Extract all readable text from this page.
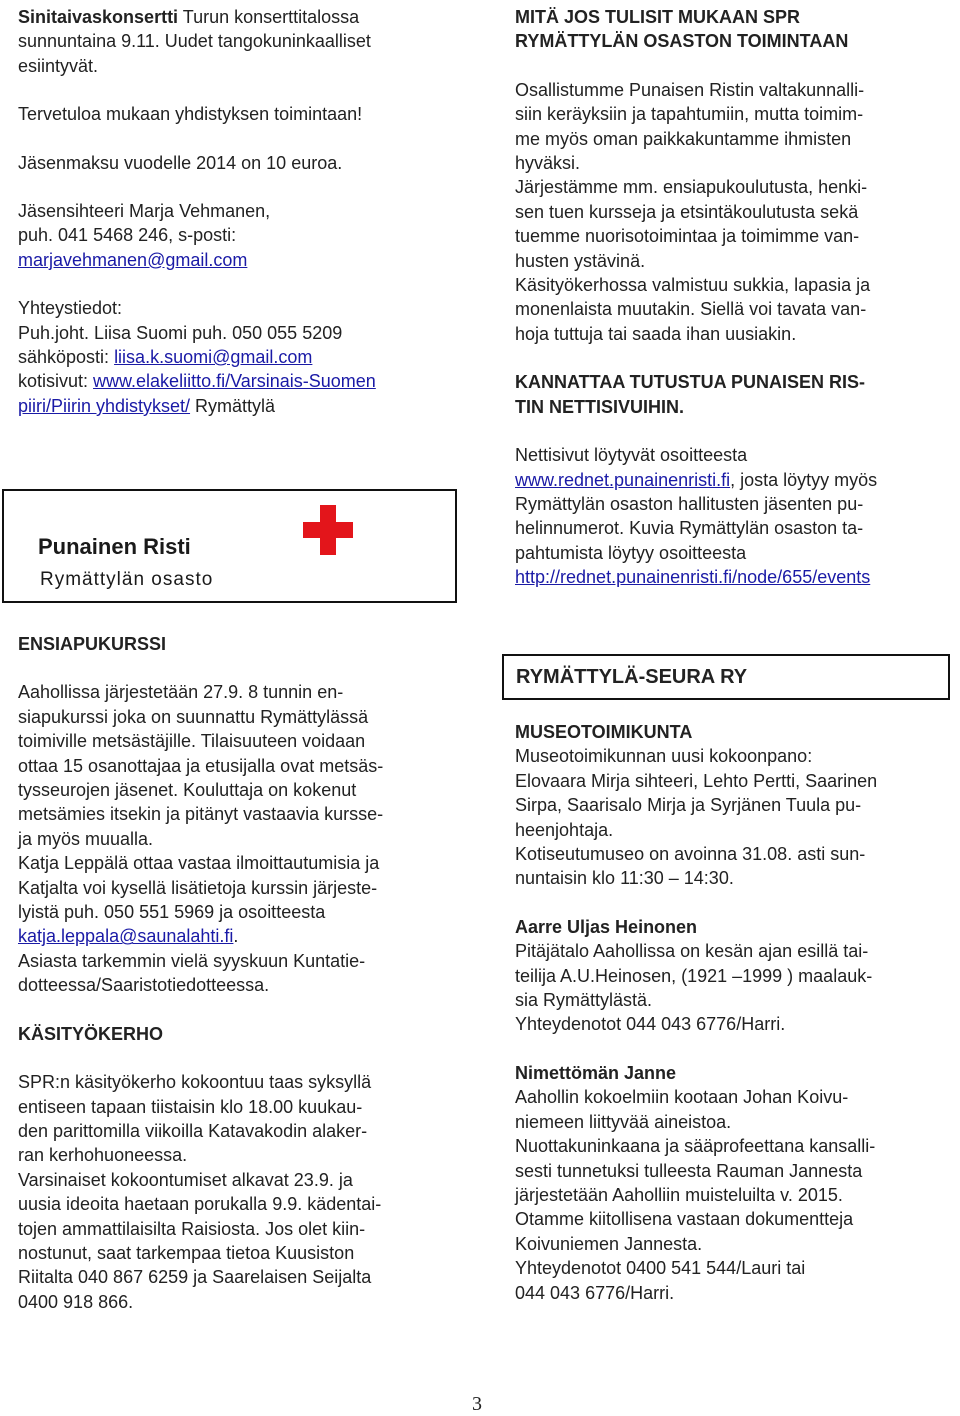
Sinitaivaskonsertti Turun konserttitalossa

sunnuntaina 9.11. Uudet tangokuninkaalliset

esiintyvät.

Tervetuloa mukaan yhdistyksen toimintaan!

Jäsenmaksu vuodelle 2014 on 10 euroa.

Jäsensihteeri Marja Vehmanen,

puh. 041 5468 246, s-posti:

marjavehmanen@gmail.com

Yhteystiedot:

Puh.joht. Liisa Suomi puh. 050 055 5209

sähköposti: liisa.k.suomi@gmail.com

kotisivut: www.elakeliitto.fi/Varsinais-Suomen

piiri/Piirin yhdistykset/ Rymättylä

Punainen Risti
Rymättylän osasto

MITÄ JOS TULISIT MUKAAN SPR

RYMÄTTYLÄN OSASTON TOIMINTAAN

Osallistumme Punaisen Ristin valtakunnalli-

siin keräyksiin ja tapahtumiin, mutta toimim-

me myös oman paikkakuntamme ihmisten

hyväksi.

Järjestämme mm. ensiapukoulutusta, henki-

sen tuen kursseja ja etsintäkoulutusta sekä

tuemme nuorisotoimintaa ja toimimme van-

husten ystävinä.

Käsityökerhossa valmistuu sukkia, lapasia ja

monenlaista muutakin. Siellä voi tavata van-

hoja tuttuja tai saada ihan uusiakin.

KANNATTAA TUTUSTUA PUNAISEN RIS-

TIN NETTISIVUIHIN.

Nettisivut löytyvät osoitteesta

www.rednet.punainenristi.fi, josta löytyy myös

Rymättylän osaston hallitusten jäsenten pu-

helinnumerot. Kuvia Rymättylän osaston ta-

pahtumista löytyy osoitteesta

http://rednet.punainenristi.fi/node/655/events

ENSIAPUKURSSI

Aahollissa järjestetään 27.9. 8 tunnin en-

siapukurssi joka on suunnattu Rymättylässä

toimiville metsästäjille. Tilaisuuteen voidaan

ottaa 15 osanottajaa ja etusijalla ovat metsäs-

tysseurojen jäsenet. Kouluttaja on kokenut

metsämies itsekin ja pitänyt vastaavia kursse-

ja myös muualla.

Katja Leppälä ottaa vastaa ilmoittautumisia ja

Katjalta voi kysellä lisätietoja kurssin järjeste-

lyistä puh. 050 551 5969 ja osoitteesta

katja.leppala@saunalahti.fi.

Asiasta tarkemmin vielä syyskuun Kuntatie-

dotteessa/Saaristotiedotteessa.

KÄSITYÖKERHO

SPR:n käsityökerho kokoontuu taas syksyllä

entiseen tapaan tiistaisin klo 18.00 kuukau-

den parittomilla viikoilla Katavakodin alaker-

ran kerhohuoneessa.

Varsinaiset kokoontumiset alkavat 23.9. ja

uusia ideoita haetaan porukalla 9.9. kädentai-

tojen ammattilaisilta Raisiosta. Jos olet kiin-

nostunut, saat tarkempaa tietoa Kuusiston

Riitalta 040 867 6259 ja Saarelaisen Seijalta

0400 918 866.

RYMÄTTYLÄ-SEURA RY

MUSEOTOIMIKUNTA

Museotoimikunnan uusi kokoonpano:

Elovaara Mirja sihteeri, Lehto Pertti, Saarinen

Sirpa, Saarisalo Mirja ja Syrjänen Tuula pu-

heenjohtaja.

Kotiseutumuseo on avoinna 31.08. asti sun-

nuntaisin klo 11:30 – 14:30.

Aarre Uljas Heinonen

Pitäjätalo Aahollissa on kesän ajan esillä tai-

teilija A.U.Heinosen, (1921 –1999 ) maalauk-

sia Rymättylästä.

Yhteydenotot 044 043 6776/Harri.

Nimettömän Janne

Aahollin kokoelmiin kootaan Johan Koivu-

niemeen liittyvää aineistoa.

Nuottakuninkaana ja sääprofeettana kansalli-

sesti tunnetuksi tulleesta Rauman Jannesta

järjestetään Aaholliin muisteluilta v. 2015.

Otamme kiitollisena vastaan dokumentteja

Koivuniemen Jannesta.

Yhteydenotot 0400 541 544/Lauri tai

044 043 6776/Harri.

3
